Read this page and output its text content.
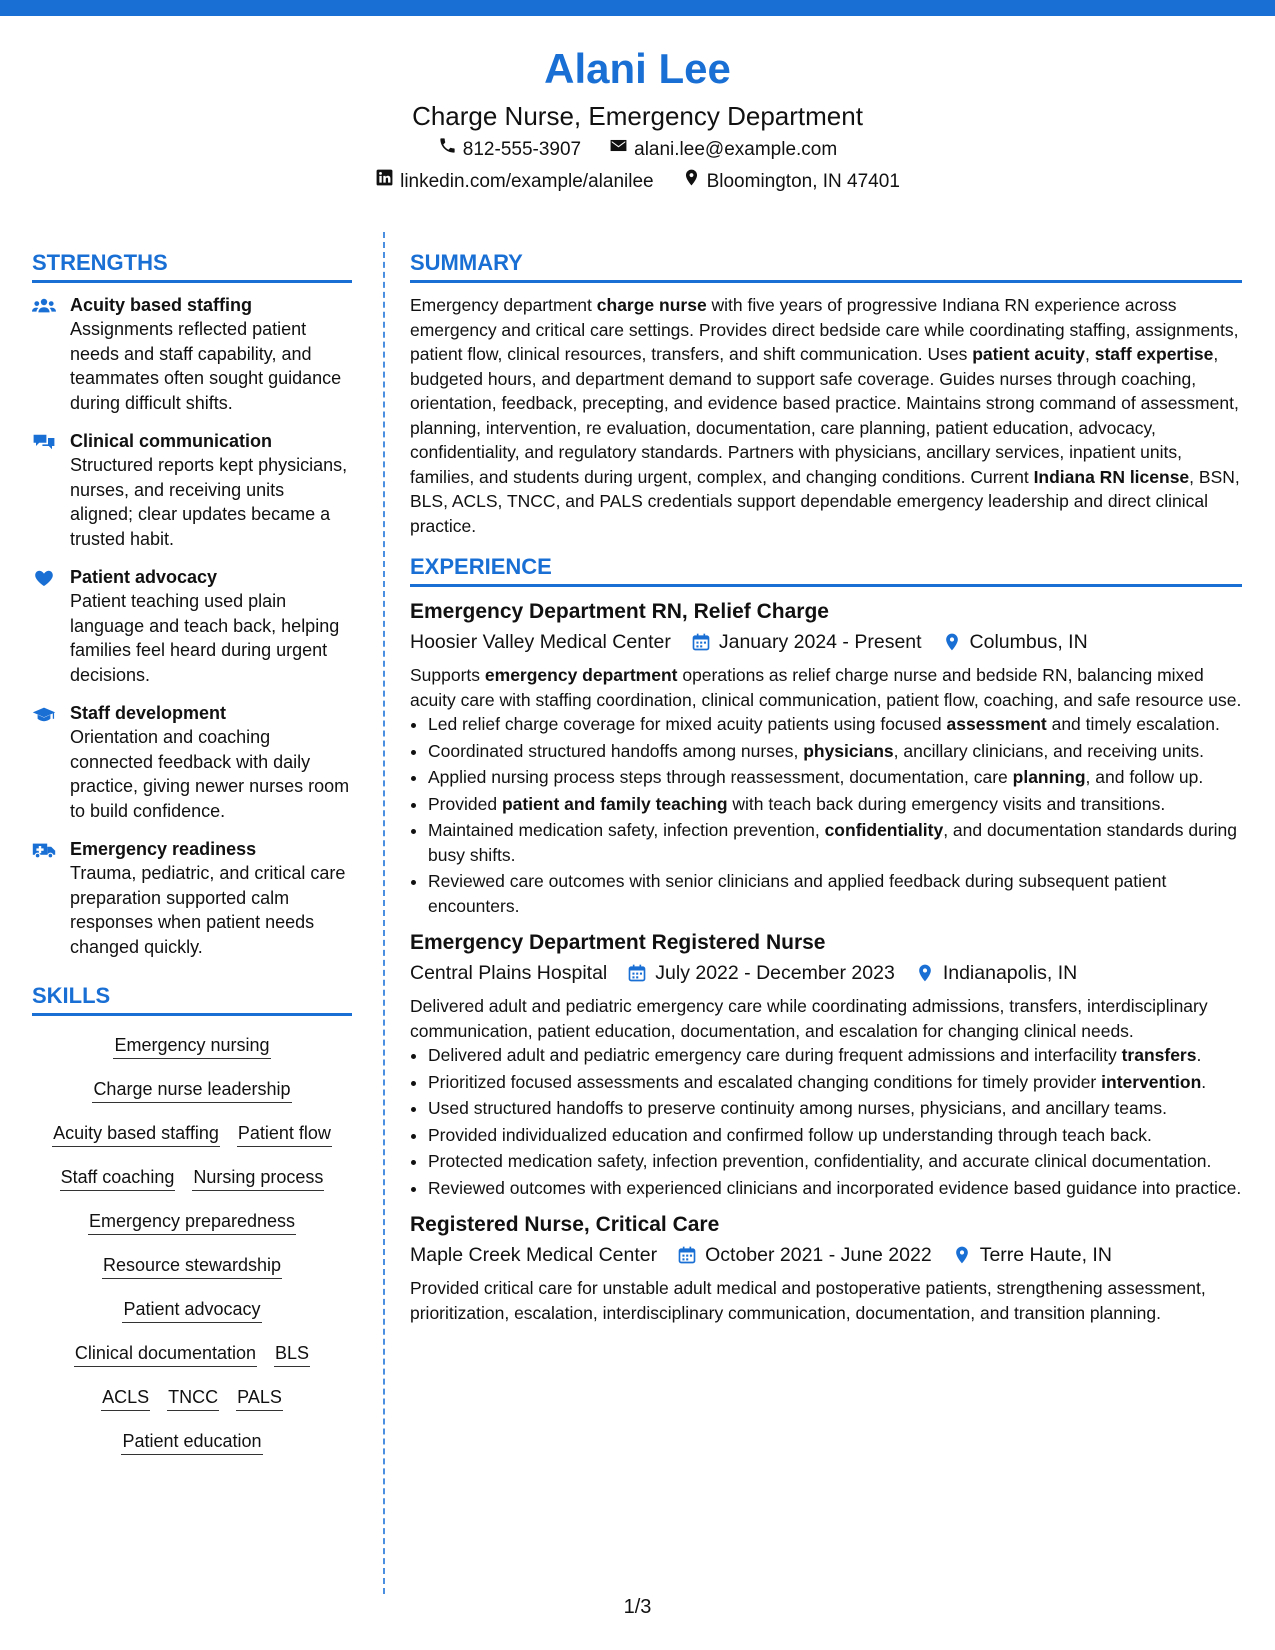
Alani Lee
Charge Nurse, Emergency Department
812-555-3907	alani.lee@example.com
linkedin.com/example/alanilee	Bloomington, IN 47401
STRENGTHS
Acuity based staffing
Assignments reflected patient needs and staff capability, and teammates often sought guidance during difficult shifts.
Clinical communication
Structured reports kept physicians, nurses, and receiving units aligned; clear updates became a trusted habit.
Patient advocacy
Patient teaching used plain language and teach back, helping families feel heard during urgent decisions.
Staff development
Orientation and coaching connected feedback with daily practice, giving newer nurses room to build confidence.
Emergency readiness
Trauma, pediatric, and critical care preparation supported calm responses when patient needs changed quickly.
SKILLS
Emergency nursing
Charge nurse leadership
Acuity based staffing Patient flow
Staff coaching Nursing process
Emergency preparedness
Resource stewardship
Patient advocacy
Clinical documentation BLS
ACLS TNCC PALS
Patient education
SUMMARY
Emergency department charge nurse with five years of progressive Indiana RN experience across emergency and critical care settings. Provides direct bedside care while coordinating staffing, assignments, patient flow, clinical resources, transfers, and shift communication. Uses patient acuity, staff expertise, budgeted hours, and department demand to support safe coverage. Guides nurses through coaching, orientation, feedback, precepting, and evidence based practice. Maintains strong command of assessment, planning, intervention, re evaluation, documentation, care planning, patient education, advocacy, confidentiality, and regulatory standards. Partners with physicians, ancillary services, inpatient units, families, and students during urgent, complex, and changing conditions. Current Indiana RN license, BSN, BLS, ACLS, TNCC, and PALS credentials support dependable emergency leadership and direct clinical practice.
EXPERIENCE
Emergency Department RN, Relief Charge
Hoosier Valley Medical Center January 2024 - Present Columbus, IN
Supports emergency department operations as relief charge nurse and bedside RN, balancing mixed acuity care with staffing coordination, clinical communication, patient flow, coaching, and safe resource use.
• Led relief charge coverage for mixed acuity patients using focused assessment and timely escalation.
• Coordinated structured handoffs among nurses, physicians, ancillary clinicians, and receiving units.
• Applied nursing process steps through reassessment, documentation, care planning, and follow up.
• Provided patient and family teaching with teach back during emergency visits and transitions.
• Maintained medication safety, infection prevention, confidentiality, and documentation standards during busy shifts.
• Reviewed care outcomes with senior clinicians and applied feedback during subsequent patient encounters.
Emergency Department Registered Nurse
Central Plains Hospital July 2022 - December 2023 Indianapolis, IN
Delivered adult and pediatric emergency care while coordinating admissions, transfers, interdisciplinary communication, patient education, documentation, and escalation for changing clinical needs.
• Delivered adult and pediatric emergency care during frequent admissions and interfacility transfers.
• Prioritized focused assessments and escalated changing conditions for timely provider intervention.
• Used structured handoffs to preserve continuity among nurses, physicians, and ancillary teams.
• Provided individualized education and confirmed follow up understanding through teach back.
• Protected medication safety, infection prevention, confidentiality, and accurate clinical documentation.
• Reviewed outcomes with experienced clinicians and incorporated evidence based guidance into practice.
Registered Nurse, Critical Care
Maple Creek Medical Center October 2021 - June 2022 Terre Haute, IN
Provided critical care for unstable adult medical and postoperative patients, strengthening assessment, prioritization, escalation, interdisciplinary communication, documentation, and transition planning.
1/3
